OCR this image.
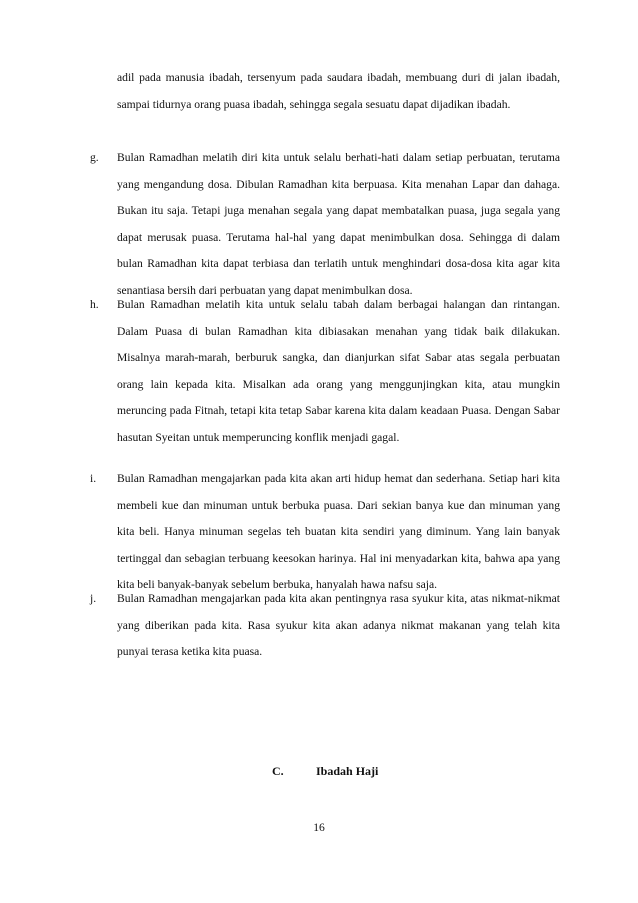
adil pada manusia ibadah, tersenyum pada saudara ibadah, membuang duri di jalan ibadah, sampai tidurnya orang puasa ibadah, sehingga segala sesuatu dapat dijadikan ibadah.
g. Bulan Ramadhan melatih diri kita untuk selalu berhati-hati dalam setiap perbuatan, terutama yang mengandung dosa. Dibulan Ramadhan kita berpuasa. Kita menahan Lapar dan dahaga. Bukan itu saja. Tetapi juga menahan segala yang dapat membatalkan puasa, juga segala yang dapat merusak puasa. Terutama hal-hal yang dapat menimbulkan dosa. Sehingga di dalam bulan Ramadhan kita dapat terbiasa dan terlatih untuk menghindari dosa-dosa kita agar kita senantiasa bersih dari perbuatan yang dapat menimbulkan dosa.
h. Bulan Ramadhan melatih kita untuk selalu tabah dalam berbagai halangan dan rintangan. Dalam Puasa di bulan Ramadhan kita dibiasakan menahan yang tidak baik dilakukan. Misalnya marah-marah, berburuk sangka, dan dianjurkan sifat Sabar atas segala perbuatan orang lain kepada kita. Misalkan ada orang yang menggunjingkan kita, atau mungkin meruncing pada Fitnah, tetapi kita tetap Sabar karena kita dalam keadaan Puasa. Dengan Sabar hasutan Syeitan untuk memperuncing konflik menjadi gagal.
i. Bulan Ramadhan mengajarkan pada kita akan arti hidup hemat dan sederhana. Setiap hari kita membeli kue dan minuman untuk berbuka puasa. Dari sekian banya kue dan minuman yang kita beli. Hanya minuman segelas teh buatan kita sendiri yang diminum. Yang lain banyak tertinggal dan sebagian terbuang keesokan harinya. Hal ini menyadarkan kita, bahwa apa yang kita beli banyak-banyak sebelum berbuka, hanyalah hawa nafsu saja.
j. Bulan Ramadhan mengajarkan pada kita akan pentingnya rasa syukur kita, atas nikmat-nikmat yang diberikan pada kita. Rasa syukur kita akan adanya nikmat makanan yang telah kita punyai terasa ketika kita puasa.
C.	Ibadah Haji
16
